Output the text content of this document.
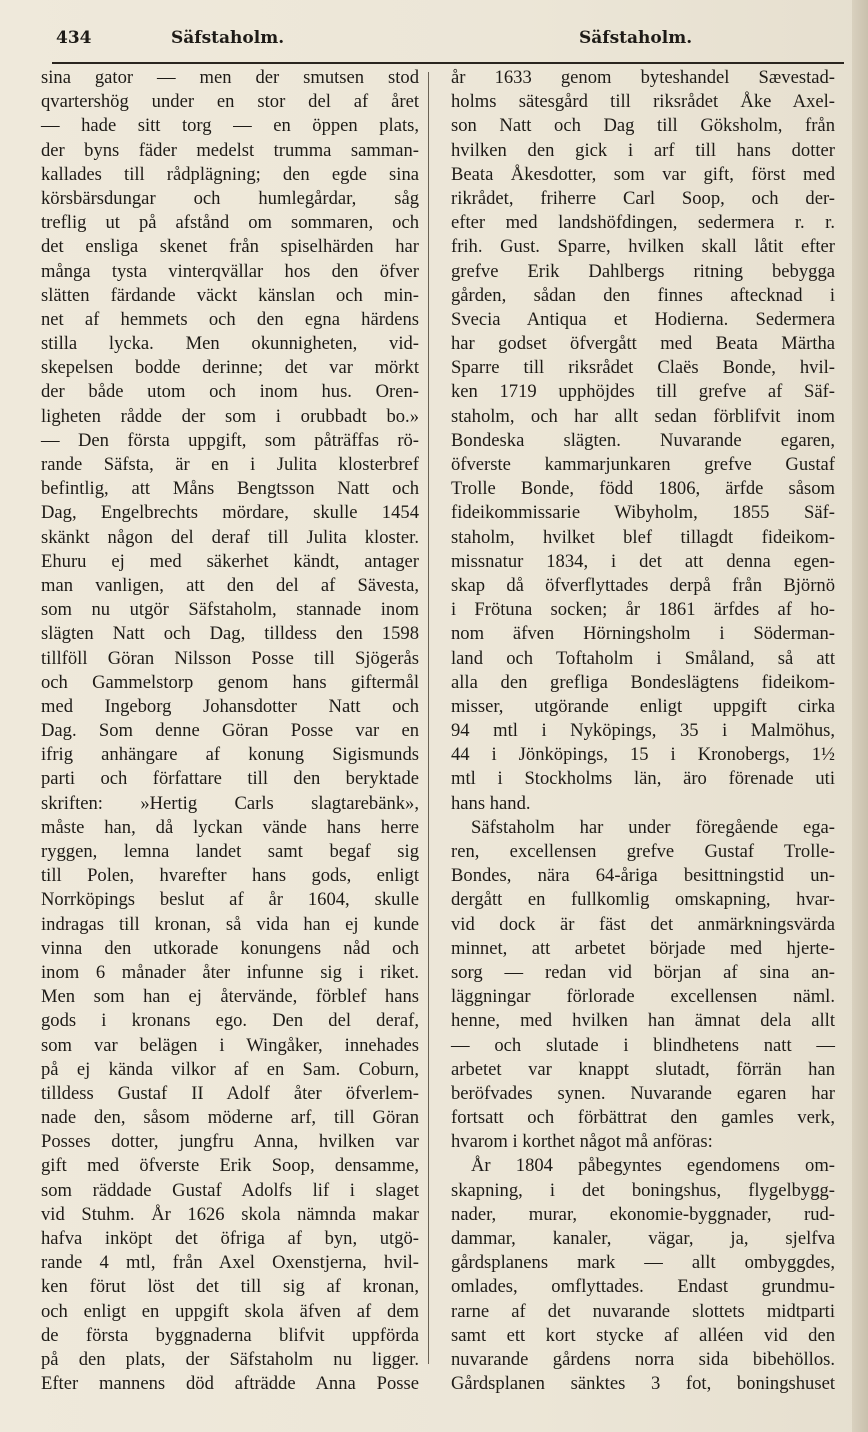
434	Säfstaholm.	Säfstaholm.
sina gator — men der smutsen stod
qvartershög under en stor del af året
— hade sitt torg — en öppen plats,
der byns fäder medelst trumma samman-
kallades till rådplägning; den egde sina
körsbärsdungar och humlegårdar, såg
treflig ut på afstånd om sommaren, och
det ensliga skenet från spiselhärden har
många tysta vinterqvällar hos den öfver
slätten färdande väckt känslan och min-
net af hemmets och den egna härdens
stilla lycka. Men okunnigheten, vid-
skepelsen bodde derinne; det var mörkt
der både utom och inom hus. Oren-
ligheten rådde der som i orubbadt bo.»
— Den första uppgift, som påträffas rö-
rande Säfsta, är en i Julita klosterbref
befintlig, att Måns Bengtsson Natt och
Dag, Engelbrechts mördare, skulle 1454
skänkt någon del deraf till Julita kloster.
Ehuru ej med säkerhet kändt, antager
man vanligen, att den del af Sävesta,
som nu utgör Säfstaholm, stannade inom
slägten Natt och Dag, tilldess den 1598
tillföll Göran Nilsson Posse till Sjögerås
och Gammelstorp genom hans giftermål
med Ingeborg Johansdotter Natt och
Dag. Som denne Göran Posse var en
ifrig anhängare af konung Sigismunds
parti och författare till den beryktade
skriften: »Hertig Carls slagtarebänk»,
måste han, då lyckan vände hans herre
ryggen, lemna landet samt begaf sig
till Polen, hvarefter hans gods, enligt
Norrköpings beslut af år 1604, skulle
indragas till kronan, så vida han ej kunde
vinna den utkorade konungens nåd och
inom 6 månader åter infunne sig i riket.
Men som han ej återvände, förblef hans
gods i kronans ego. Den del deraf,
som var belägen i Wingåker, innehades
på ej kända vilkor af en Sam. Coburn,
tilldess Gustaf II Adolf åter öfverlem-
nade den, såsom möderne arf, till Göran
Posses dotter, jungfru Anna, hvilken var
gift med öfverste Erik Soop, densamme,
som räddade Gustaf Adolfs lif i slaget
vid Stuhm. År 1626 skola nämnda makar
hafva inköpt det öfriga af byn, utgö-
rande 4 mtl, från Axel Oxenstjerna, hvil-
ken förut löst det till sig af kronan,
och enligt en uppgift skola äfven af dem
de första byggnaderna blifvit uppförda
på den plats, der Säfstaholm nu ligger.
Efter mannens död afträdde Anna Posse
år 1633 genom byteshandel Sævestad-
holms sätesgård till riksrådet Åke Axel-
son Natt och Dag till Göksholm, från
hvilken den gick i arf till hans dotter
Beata Åkesdotter, som var gift, först med
rikrådet, friherre Carl Soop, och der-
efter med landshöfdingen, sedermera r. r.
frih. Gust. Sparre, hvilken skall låtit efter
grefve Erik Dahlbergs ritning bebygga
gården, sådan den finnes aftecknad i
Svecia Antiqua et Hodierna. Sedermera
har godset öfvergått med Beata Märtha
Sparre till riksrådet Claës Bonde, hvil-
ken 1719 upphöjdes till grefve af Säf-
staholm, och har allt sedan förblifvit inom
Bondeska slägten. Nuvarande egaren,
öfverste kammarjunkaren grefve Gustaf
Trolle Bonde, född 1806, ärfde såsom
fideikommissarie Wibyholm, 1855 Säf-
staholm, hvilket blef tillagdt fideikom-
missnatur 1834, i det att denna egen-
skap då öfverflyttades derpå från Björnö
i Frötuna socken; år 1861 ärfdes af ho-
nom äfven Hörningsholm i Söderman-
land och Toftaholm i Småland, så att
alla den grefliga Bondeslägtens fideikom-
misser, utgörande enligt uppgift cirka
94 mtl i Nyköpings, 35 i Malmöhus,
44 i Jönköpings, 15 i Kronobergs, 1½
mtl i Stockholms län, äro förenade uti
hans hand.
Säfstaholm har under föregående ega-
ren, excellensen grefve Gustaf Trolle-
Bondes, nära 64-åriga besittningstid un-
dergått en fullkomlig omskapning, hvar-
vid dock är fäst det anmärkningsvärda
minnet, att arbetet började med hjerte-
sorg — redan vid början af sina an-
läggningar förlorade excellensen näml.
henne, med hvilken han ämnat dela allt
— och slutade i blindhetens natt —
arbetet var knappt slutadt, förrän han
beröfvades synen. Nuvarande egaren har
fortsatt och förbättrat den gamles verk,
hvarom i korthet något må anföras:
År 1804 påbegyntes egendomens om-
skapning, i det boningshus, flygelbygg-
nader, murar, ekonomie-byggnader, rud-
dammar, kanaler, vägar, ja, sjelfva
gårdsplanens mark — allt ombyggdes,
omlades, omflyttades. Endast grundmu-
rarne af det nuvarande slottets midtparti
samt ett kort stycke af alléen vid den
nuvarande gårdens norra sida bibehöllos.
Gårdsplanen sänktes 3 fot, boningshuset
